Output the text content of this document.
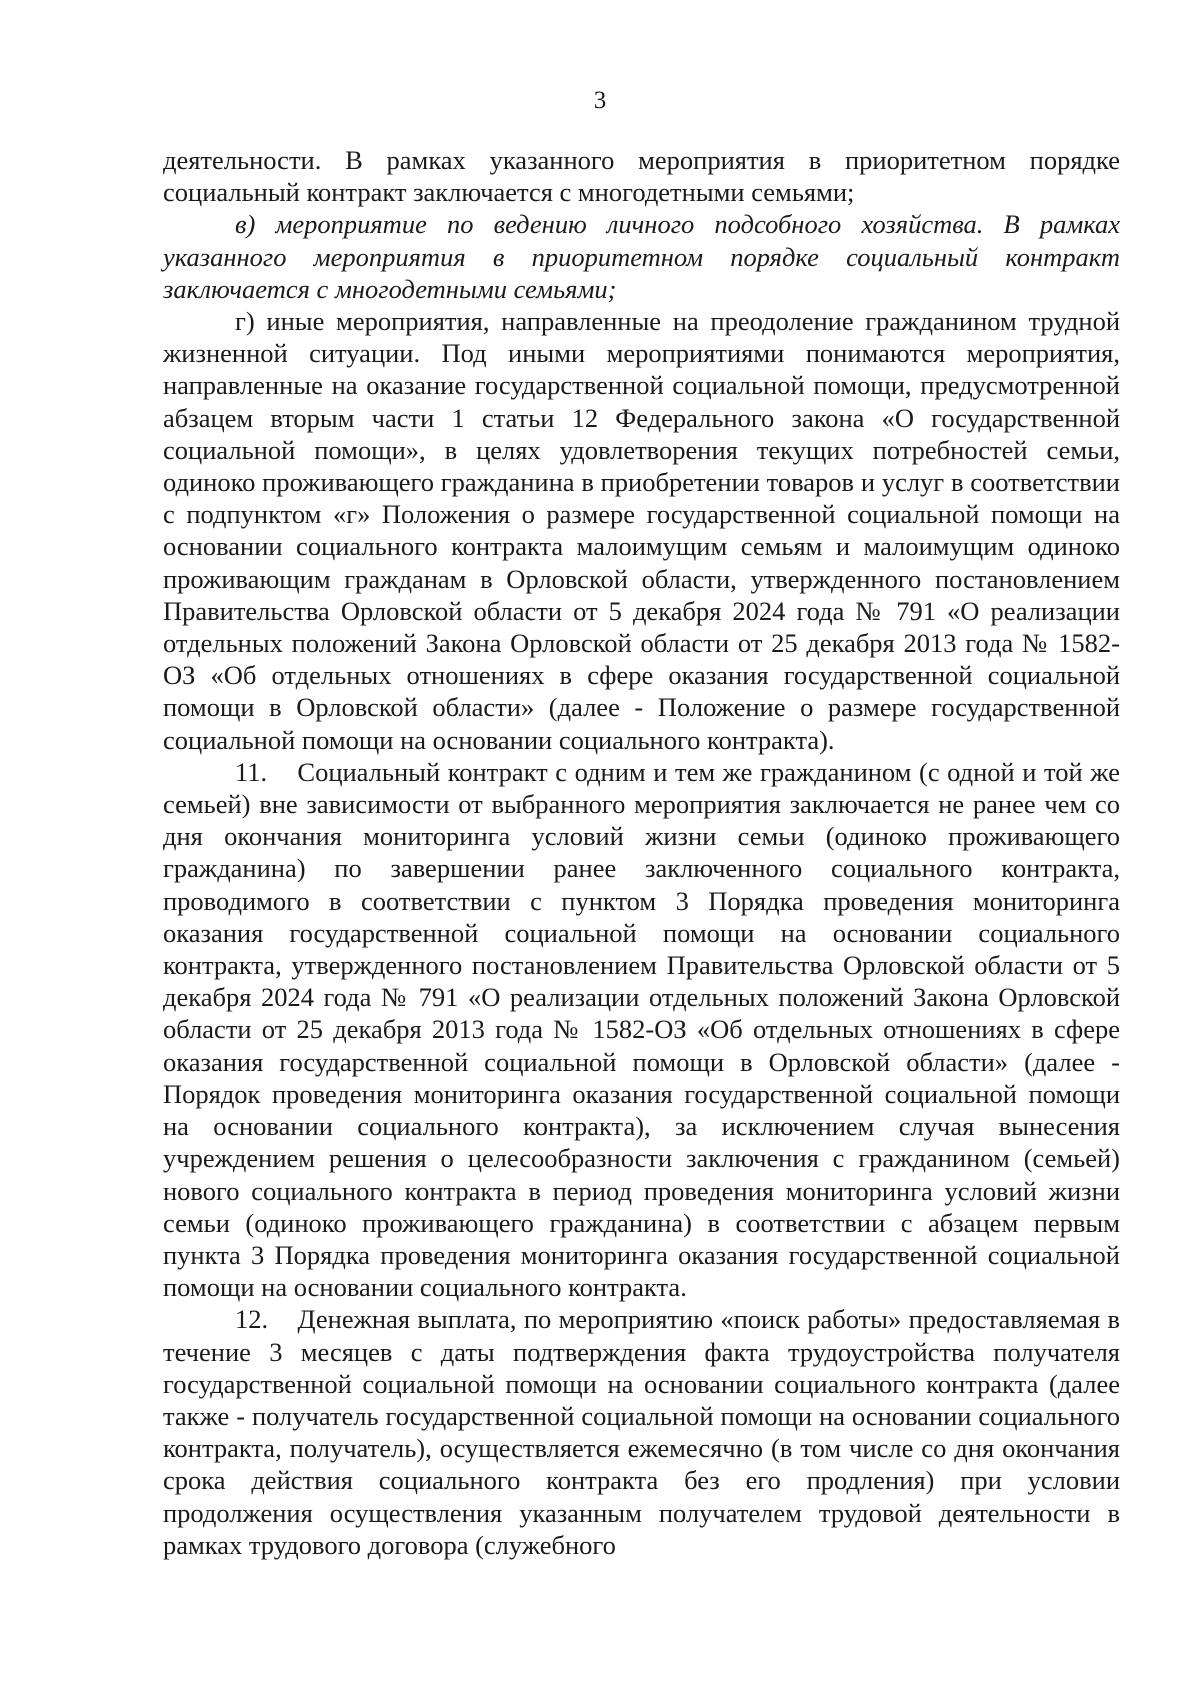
3

деятельности. В рамках указанного мероприятия в приоритетном порядке социальный контракт заключается с многодетными семьями;

в) мероприятие по ведению личного подсобного хозяйства. В рамках указанного мероприятия в приоритетном порядке социальный контракт заключается с многодетными семьями;

г) иные мероприятия, направленные на преодоление гражданином трудной жизненной ситуации. Под иными мероприятиями понимаются мероприятия, направленные на оказание государственной социальной помощи, предусмотренной абзацем вторым части 1 статьи 12 Федерального закона «О государственной социальной помощи», в целях удовлетворения текущих потребностей семьи, одиноко проживающего гражданина в приобретении товаров и услуг в соответствии с подпунктом «г» Положения о размере государственной социальной помощи на основании социального контракта малоимущим семьям и малоимущим одиноко проживающим гражданам в Орловской области, утвержденного постановлением Правительства Орловской области от 5 декабря 2024 года № 791 «О реализации отдельных положений Закона Орловской области от 25 декабря 2013 года № 1582-ОЗ «Об отдельных отношениях в сфере оказания государственной социальной помощи в Орловской области» (далее - Положение о размере государственной социальной помощи на основании социального контракта).

11.    Социальный контракт с одним и тем же гражданином (с одной и той же семьей) вне зависимости от выбранного мероприятия заключается не ранее чем со дня окончания мониторинга условий жизни семьи (одиноко проживающего гражданина) по завершении ранее заключенного социального контракта, проводимого в соответствии с пунктом 3 Порядка проведения мониторинга оказания государственной социальной помощи на основании социального контракта, утвержденного постановлением Правительства Орловской области от 5 декабря 2024 года № 791 «О реализации отдельных положений Закона Орловской области от 25 декабря 2013 года № 1582-ОЗ «Об отдельных отношениях в сфере оказания государственной социальной помощи в Орловской области» (далее - Порядок проведения мониторинга оказания государственной социальной помощи на основании социального контракта), за исключением случая вынесения учреждением решения о целесообразности заключения с гражданином (семьей) нового социального контракта в период проведения мониторинга условий жизни семьи (одиноко проживающего гражданина) в соответствии с абзацем первым пункта 3 Порядка проведения мониторинга оказания государственной социальной помощи на основании социального контракта.

12.    Денежная выплата, по мероприятию «поиск работы» предоставляемая в течение 3 месяцев с даты подтверждения факта трудоустройства получателя государственной социальной помощи на основании социального контракта (далее также - получатель государственной социальной помощи на основании социального контракта, получатель), осуществляется ежемесячно (в том числе со дня окончания срока действия социального контракта без его продления) при условии продолжения осуществления указанным получателем трудовой деятельности в рамках трудового договора (служебного
